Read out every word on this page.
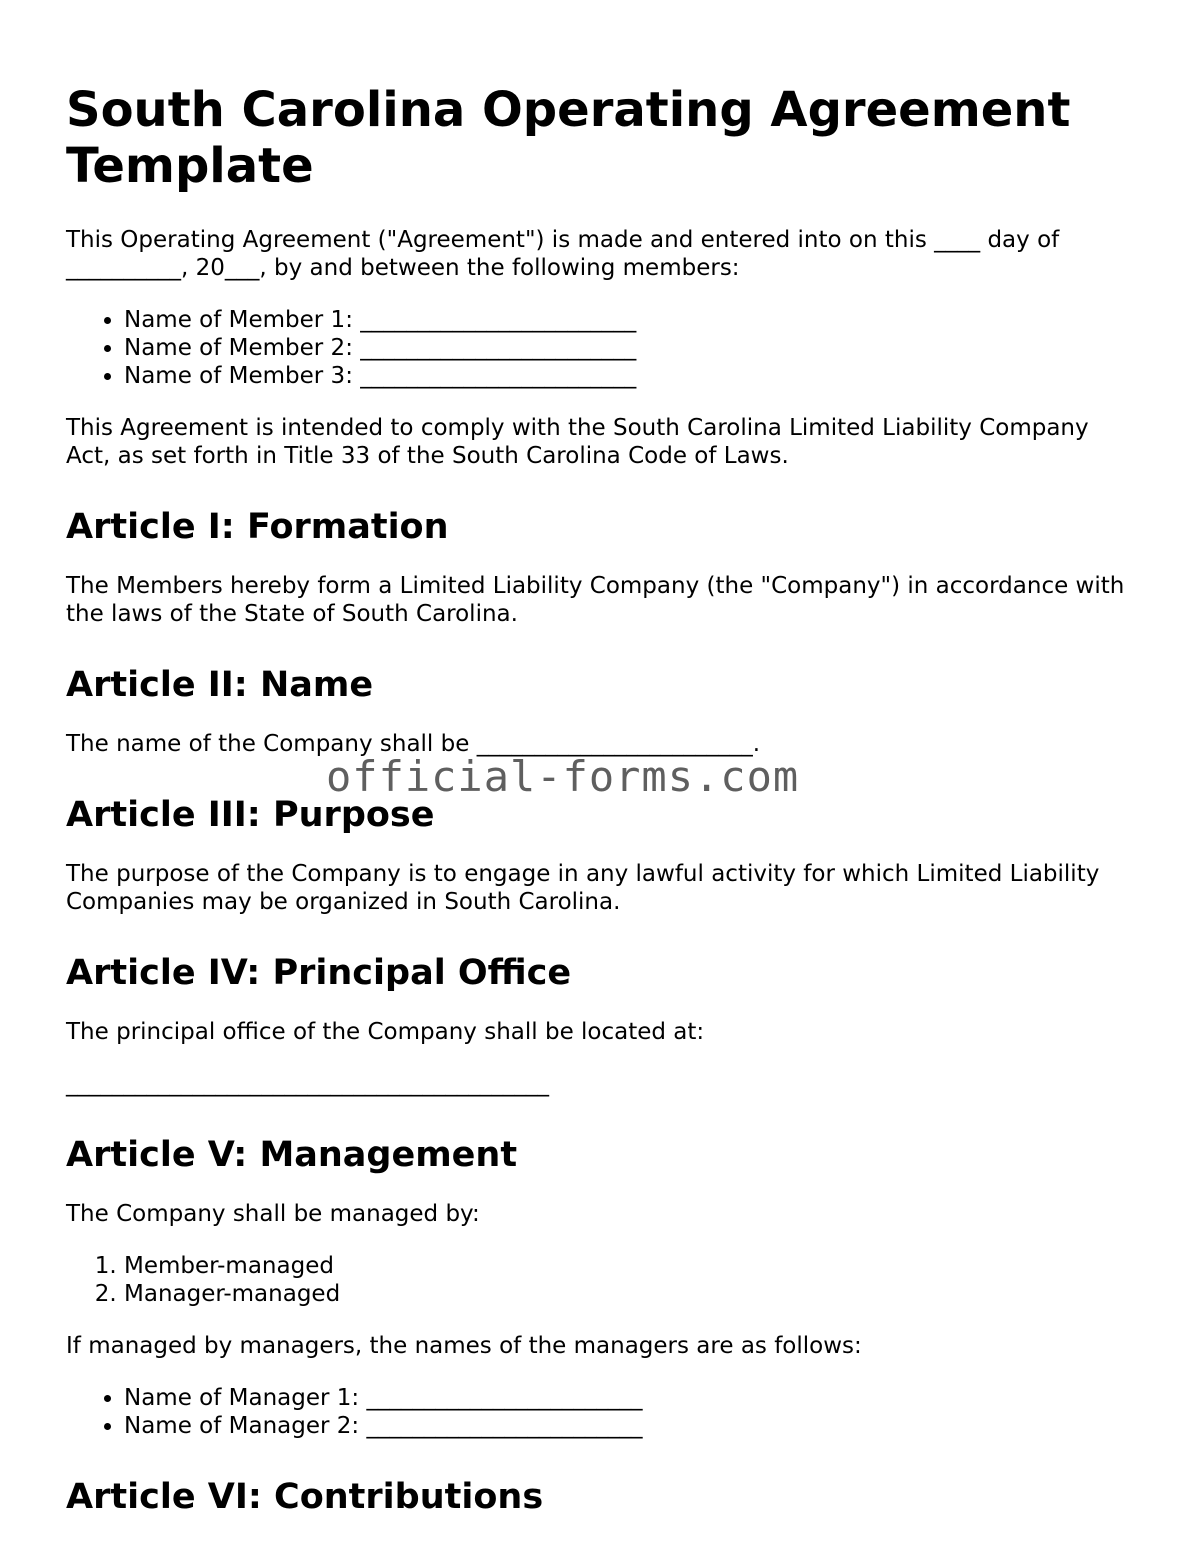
South Carolina Operating Agreement Template

This Operating Agreement ("Agreement") is made and entered into on this ____ day of __________, 20___, by and between the following members:

• Name of Member 1: ________________________
• Name of Member 2: ________________________
• Name of Member 3: ________________________

This Agreement is intended to comply with the South Carolina Limited Liability Company Act, as set forth in Title 33 of the South Carolina Code of Laws.

Article I: Formation

The Members hereby form a Limited Liability Company (the "Company") in accordance with the laws of the State of South Carolina.

Article II: Name

The name of the Company shall be ________________________.

Article III: Purpose

The purpose of the Company is to engage in any lawful activity for which Limited Liability Companies may be organized in South Carolina.

Article IV: Principal Office

The principal office of the Company shall be located at:

__________________________________________

Article V: Management

The Company shall be managed by:

1. Member-managed
2. Manager-managed

If managed by managers, the names of the managers are as follows:

• Name of Manager 1: ________________________
• Name of Manager 2: ________________________
Article VI: Contributions
official-forms.com
